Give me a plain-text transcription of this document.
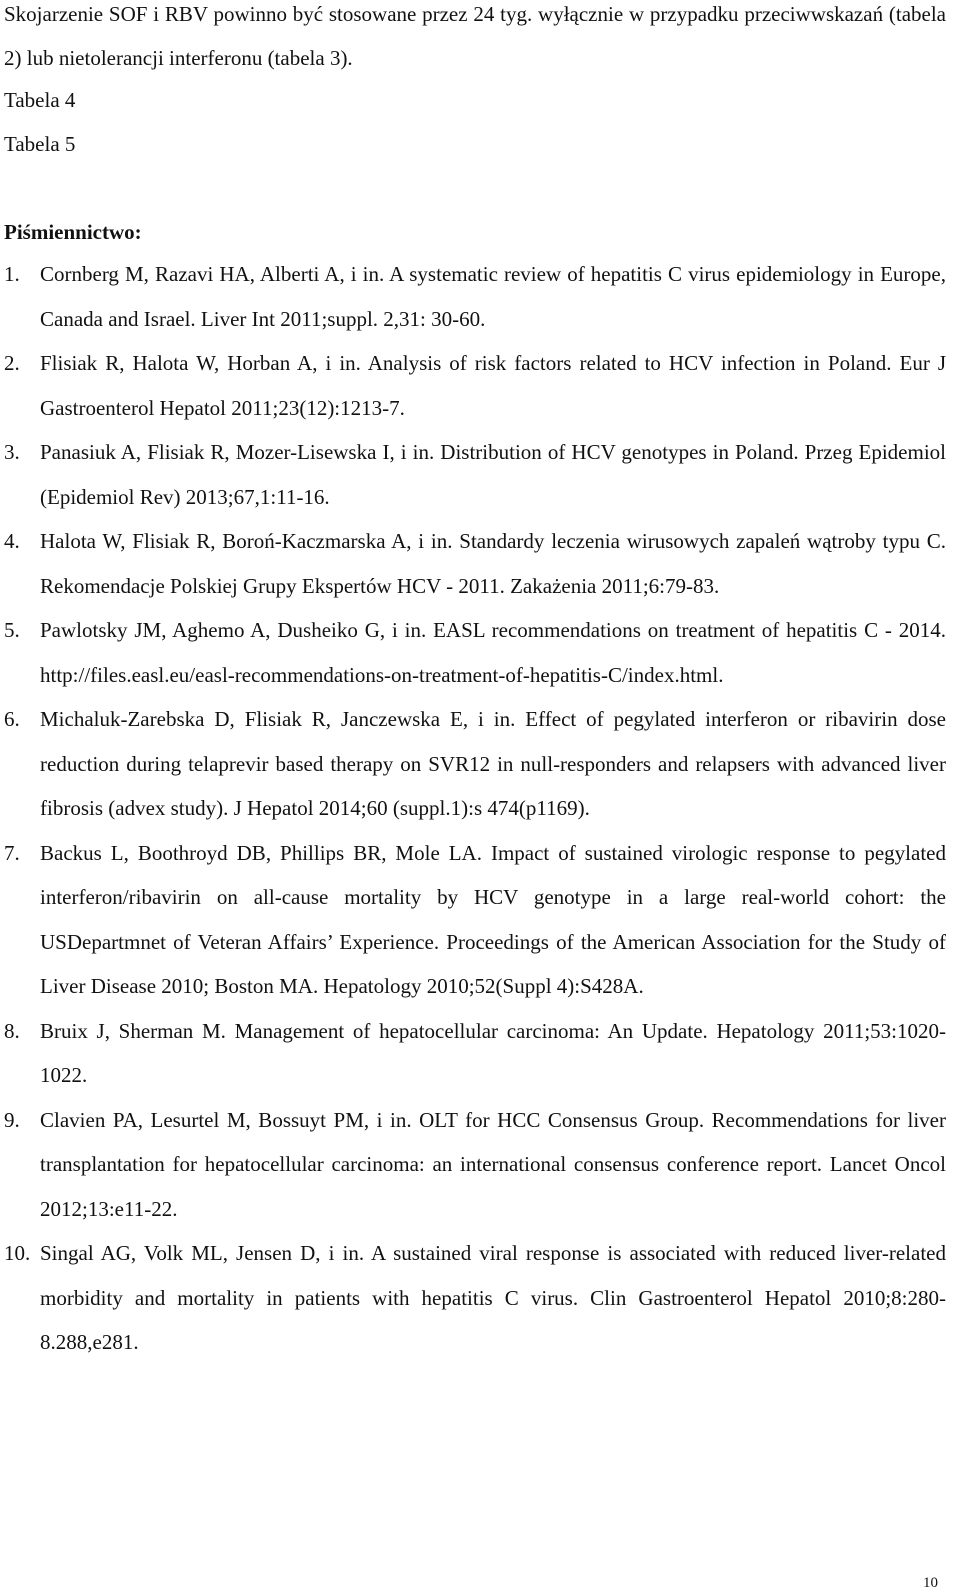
Skojarzenie SOF i RBV powinno być stosowane przez 24 tyg. wyłącznie w przypadku przeciwwskazań (tabela 2) lub nietolerancji interferonu (tabela 3).

Tabela 4

Tabela 5

Piśmiennictwo:

1. Cornberg M, Razavi HA, Alberti A, i in. A systematic review of hepatitis C virus epidemiology in Europe, Canada and Israel. Liver Int 2011;suppl. 2,31: 30-60.
2. Flisiak R, Halota W, Horban A, i in. Analysis of risk factors related to HCV infection in Poland. Eur J Gastroenterol Hepatol 2011;23(12):1213-7.
3. Panasiuk A, Flisiak R, Mozer-Lisewska I, i in. Distribution of HCV genotypes in Poland. Przeg Epidemiol (Epidemiol Rev) 2013;67,1:11-16.
4. Halota W, Flisiak R, Boroń-Kaczmarska A, i in. Standardy leczenia wirusowych zapaleń wątroby typu C. Rekomendacje Polskiej Grupy Ekspertów HCV - 2011. Zakażenia 2011;6:79-83.
5. Pawlotsky JM, Aghemo A, Dusheiko G, i in. EASL recommendations on treatment of hepatitis C - 2014. http://files.easl.eu/easl-recommendations-on-treatment-of-hepatitis-C/index.html.
6. Michaluk-Zarebska D, Flisiak R, Janczewska E, i in. Effect of pegylated interferon or ribavirin dose reduction during telaprevir based therapy on SVR12 in null-responders and relapsers with advanced liver fibrosis (advex study). J Hepatol 2014;60 (suppl.1):s 474(p1169).
7. Backus L, Boothroyd DB, Phillips BR, Mole LA. Impact of sustained virologic response to pegylated interferon/ribavirin on all-cause mortality by HCV genotype in a large real-world cohort: the USDepartmnet of Veteran Affairs’ Experience. Proceedings of the American Association for the Study of Liver Disease 2010; Boston MA. Hepatology 2010;52(Suppl 4):S428A.
8. Bruix J, Sherman M. Management of hepatocellular carcinoma: An Update. Hepatology 2011;53:1020-1022.
9. Clavien PA, Lesurtel M, Bossuyt PM, i in. OLT for HCC Consensus Group. Recommendations for liver transplantation for hepatocellular carcinoma: an international consensus conference report. Lancet Oncol 2012;13:e11-22.
10. Singal AG, Volk ML, Jensen D, i in. A sustained viral response is associated with reduced liver-related morbidity and mortality in patients with hepatitis C virus. Clin Gastroenterol Hepatol 2010;8:280-8.288,e281.
10
